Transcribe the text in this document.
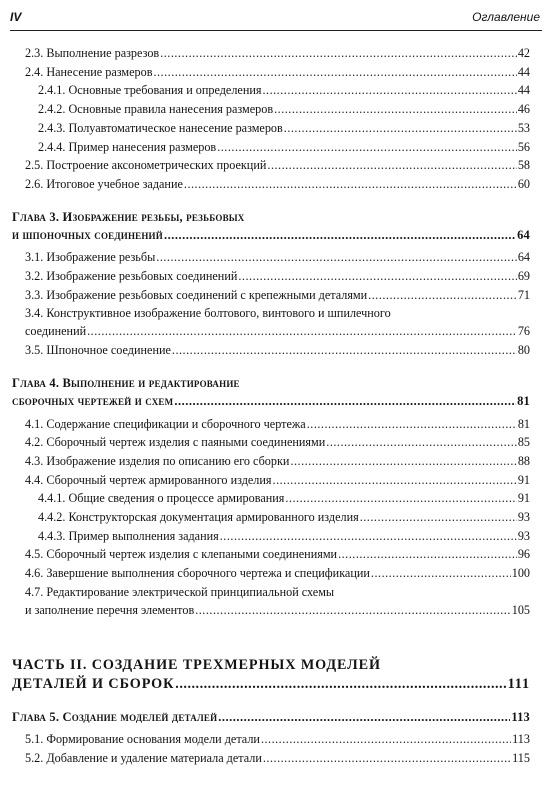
IV	Оглавление
2.3. Выполнение разрезов .....	42
2.4. Нанесение размеров .....	44
2.4.1. Основные требования и определения .....	44
2.4.2. Основные правила нанесения размеров .....	46
2.4.3. Полуавтоматическое нанесение размеров .....	53
2.4.4. Пример нанесения размеров .....	56
2.5. Построение аксонометрических проекций .....	58
2.6. Итоговое учебное задание .....	60
Глава 3. Изображение резьбы, резьбовых
и шпоночных соединений .....	64
3.1. Изображение резьбы .....	64
3.2. Изображение резьбовых соединений .....	69
3.3. Изображение резьбовых соединений с крепежными деталями .....	71
3.4. Конструктивное изображение болтового, винтового и шпилечного
соединений .....	76
3.5. Шпоночное соединение .....	80
Глава 4. Выполнение и редактирование
сборочных чертежей и схем .....	81
4.1. Содержание спецификации и сборочного чертежа .....	81
4.2. Сборочный чертеж изделия с паяными соединениями .....	85
4.3. Изображение изделия по описанию его сборки .....	88
4.4. Сборочный чертеж армированного изделия .....	91
4.4.1. Общие сведения о процессе армирования .....	91
4.4.2. Конструкторская документация армированного изделия .....	93
4.4.3. Пример выполнения задания .....	93
4.5. Сборочный чертеж изделия с клепаными соединениями .....	96
4.6. Завершение выполнения сборочного чертежа и спецификации .....	100
4.7. Редактирование электрической принципиальной схемы
и заполнение перечня элементов .....	105
ЧАСТЬ II. СОЗДАНИЕ ТРЕХМЕРНЫХ МОДЕЛЕЙ
ДЕТАЛЕЙ И СБОРОК .....	111
Глава 5. Создание моделей деталей .....	113
5.1. Формирование основания модели детали .....	113
5.2. Добавление и удаление материала детали .....	115
